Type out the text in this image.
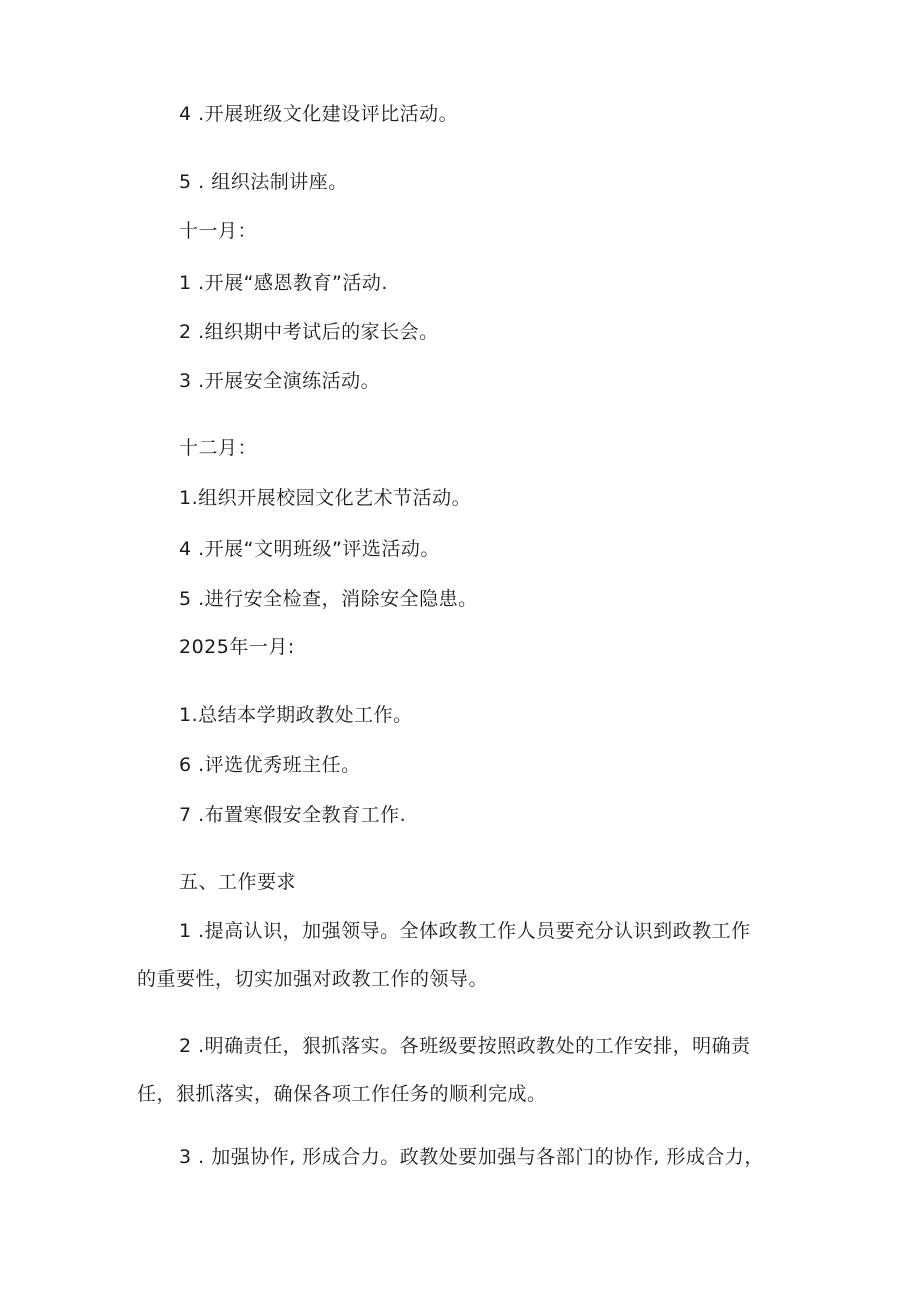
4 .开展班级文化建设评比活动。
5 . 组织法制讲座。
十一月：
1 .开展“感恩教育”活动.
2 .组织期中考试后的家长会。
3 .开展安全演练活动。
十二月：
1.组织开展校园文化艺术节活动。
4 .开展“文明班级”评选活动。
5 .进行安全检查，消除安全隐患。
2025年一月:
1.总结本学期政教处工作。
6 .评选优秀班主任。
7 .布置寒假安全教育工作.
五、工作要求
1 .提高认识，加强领导。全体政教工作人员要充分认识到政教工作
的重要性，切实加强对政教工作的领导。
2 .明确责任，狠抓落实。各班级要按照政教处的工作安排，明确责
任，狠抓落实，确保各项工作任务的顺利完成。
3 . 加强协作, 形成合力。政教处要加强与各部门的协作, 形成合力，
